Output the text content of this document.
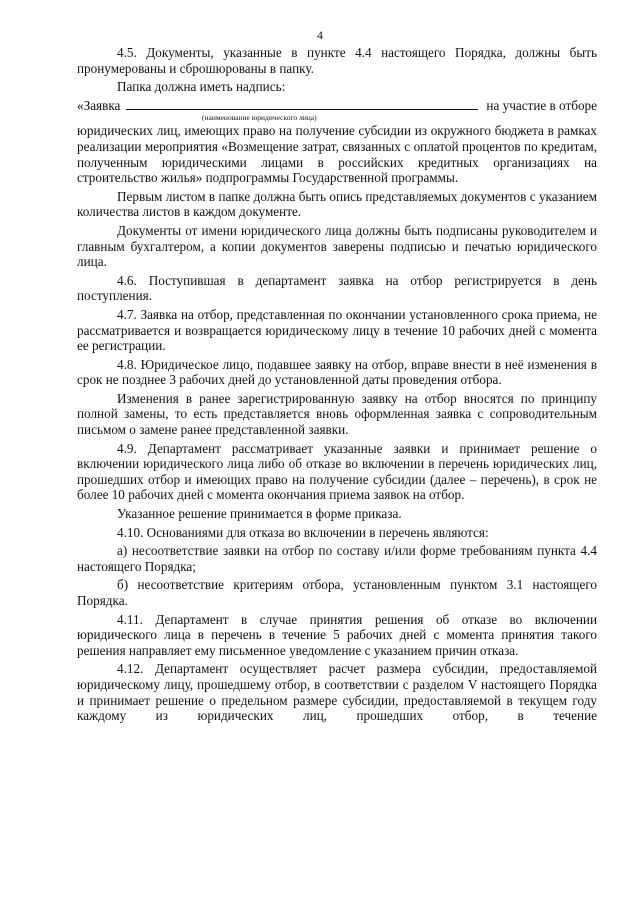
4

4.5. Документы, указанные в пункте 4.4 настоящего Порядка, должны быть пронумерованы и сброшюрованы в папку.

Папка должна иметь надпись:

«Заявка	на участие в отборе
(наименование юридического лица)

юридических лиц, имеющих право на получение субсидии из окружного бюджета в рамках реализации мероприятия «Возмещение затрат, связанных с оплатой процентов по кредитам, полученным юридическими лицами в российских кредитных организациях на строительство жилья» подпрограммы Государственной программы.

Первым листом в папке должна быть опись представляемых документов с указанием количества листов в каждом документе.

Документы от имени юридического лица должны быть подписаны руководителем и главным бухгалтером, а копии документов заверены подписью и печатью юридического лица.

4.6. Поступившая в департамент заявка на отбор регистрируется в день поступления.

4.7. Заявка на отбор, представленная по окончании установленного срока приема, не рассматривается и возвращается юридическому лицу в течение 10 рабочих дней с момента ее регистрации.

4.8. Юридическое лицо, подавшее заявку на отбор, вправе внести в неё изменения в срок не позднее 3 рабочих дней до установленной даты проведения отбора.

Изменения в ранее зарегистрированную заявку на отбор вносятся по принципу полной замены, то есть представляется вновь оформленная заявка с сопроводительным письмом о замене ранее представленной заявки.

4.9. Департамент рассматривает указанные заявки и принимает решение о включении юридического лица либо об отказе во включении в перечень юридических лиц, прошедших отбор и имеющих право на получение субсидии (далее – перечень), в срок не более 10 рабочих дней с момента окончания приема заявок на отбор.

Указанное решение принимается в форме приказа.

4.10. Основаниями для отказа во включении в перечень являются:

а) несоответствие заявки на отбор по составу и/или форме требованиям пункта 4.4 настоящего Порядка;

б) несоответствие критериям отбора, установленным пунктом 3.1 настоящего Порядка.

4.11. Департамент в случае принятия решения об отказе во включении юридического лица в перечень в течение 5 рабочих дней с момента принятия такого решения направляет ему письменное уведомление с указанием причин отказа.

4.12. Департамент осуществляет расчет размера субсидии, предоставляемой юридическому лицу, прошедшему отбор, в соответствии с разделом V настоящего Порядка и принимает решение о предельном размере субсидии, предоставляемой в текущем году каждому из юридических лиц, прошедших отбор, в течение
